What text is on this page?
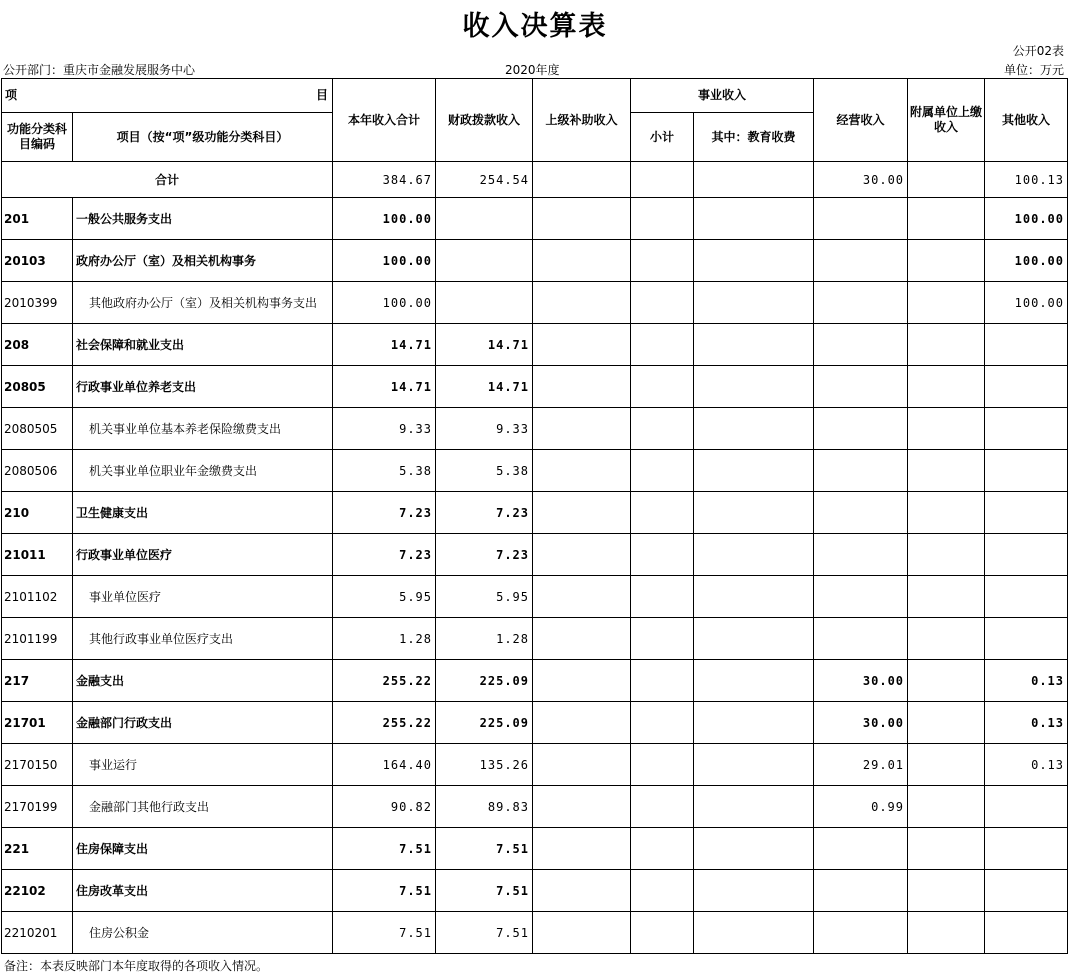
收入决算表
公开02表
公开部门：重庆市金融发展服务中心	2020年度	单位：万元
项 目		本年收入合计	财政拨款收入	上级补助收入	事业收入		经营收入	附属单位上缴收入	其他收入
功能分类科目编码	项目（按“项”级功能分类科目）								
					小计	其中：教育收费			
合计		384.67	254.54				30.00		100.13
201	一般公共服务支出	100.00							100.00
20103	政府办公厅（室）及相关机构事务	100.00							100.00
2010399	其他政府办公厅（室）及相关机构事务支出	100.00							100.00
208	社会保障和就业支出	14.71	14.71						
20805	行政事业单位养老支出	14.71	14.71						
2080505	机关事业单位基本养老保险缴费支出	9.33	9.33						
2080506	机关事业单位职业年金缴费支出	5.38	5.38						
210	卫生健康支出	7.23	7.23						
21011	行政事业单位医疗	7.23	7.23						
2101102	事业单位医疗	5.95	5.95						
2101199	其他行政事业单位医疗支出	1.28	1.28						
217	金融支出	255.22	225.09				30.00		0.13
21701	金融部门行政支出	255.22	225.09				30.00		0.13
2170150	事业运行	164.40	135.26				29.01		0.13
2170199	金融部门其他行政支出	90.82	89.83				0.99		
221	住房保障支出	7.51	7.51						
22102	住房改革支出	7.51	7.51						
2210201	住房公积金	7.51	7.51						
备注：本表反映部门本年度取得的各项收入情况。
